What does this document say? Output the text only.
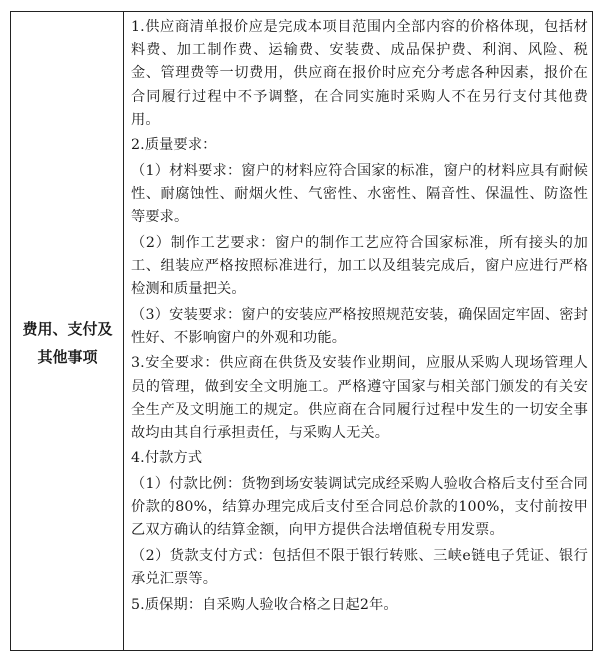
费用、支付及
其他事项

1.供应商清单报价应是完成本项目范围内全部内容的价格体现，包括材料费、加工制作费、运输费、安装费、成品保护费、利润、风险、税金、管理费等一切费用，供应商在报价时应充分考虑各种因素，报价在合同履行过程中不予调整，在合同实施时采购人不在另行支付其他费用。

2.质量要求：

（1）材料要求：窗户的材料应符合国家的标准，窗户的材料应具有耐候性、耐腐蚀性、耐烟火性、气密性、水密性、隔音性、保温性、防盗性等要求。

（2）制作工艺要求：窗户的制作工艺应符合国家标准，所有接头的加工、组装应严格按照标准进行，加工以及组装完成后，窗户应进行严格检测和质量把关。

（3）安装要求：窗户的安装应严格按照规范安装，确保固定牢固、密封性好、不影响窗户的外观和功能。

3.安全要求：供应商在供货及安装作业期间，应服从采购人现场管理人员的管理，做到安全文明施工。严格遵守国家与相关部门颁发的有关安全生产及文明施工的规定。供应商在合同履行过程中发生的一切安全事故均由其自行承担责任，与采购人无关。

4.付款方式

（1）付款比例：货物到场安装调试完成经采购人验收合格后支付至合同价款的80%，结算办理完成后支付至合同总价款的100%，支付前按甲乙双方确认的结算金额，向甲方提供合法增值税专用发票。

（2）货款支付方式：包括但不限于银行转账、三峡e链电子凭证、银行承兑汇票等。

5.质保期：自采购人验收合格之日起2年。
